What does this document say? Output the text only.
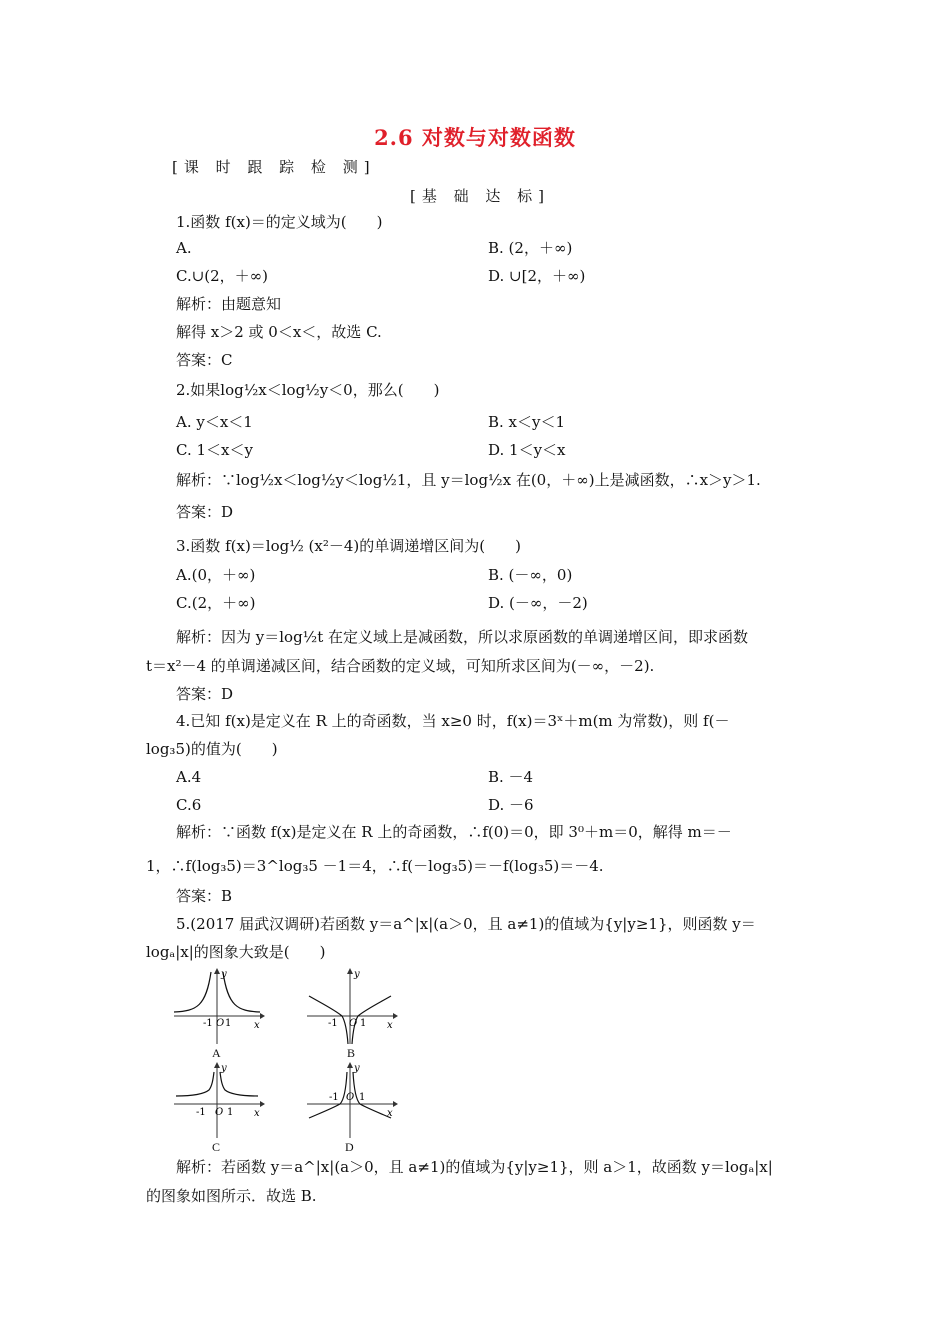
2.6 对数与对数函数
[课 时 跟 踪 检 测]
[基 础 达 标]
1.函数 f(x)＝的定义域为(　　)
A.	B. (2，＋∞)
C.∪(2，＋∞)	D. ∪[2，＋∞)
解析：由题意知
解得 x＞2 或 0＜x＜，故选 C.
答案：C
2.如果log½x＜log½y＜0，那么(　　)
A. y＜x＜1	B. x＜y＜1
C. 1＜x＜y	D. 1＜y＜x
解析：∵log½x＜log½y＜log½1，且 y＝log½x 在(0，＋∞)上是减函数，∴x＞y＞1.
答案：D
3.函数 f(x)＝log½ (x²－4)的单调递增区间为(　　)
A.(0，＋∞)	B. (－∞，0)
C.(2，＋∞)	D. (－∞，－2)
解析：因为 y＝log½t 在定义域上是减函数，所以求原函数的单调递增区间，即求函数
t＝x²－4 的单调递减区间，结合函数的定义域，可知所求区间为(－∞，－2).
答案：D
4.已知 f(x)是定义在 R 上的奇函数，当 x≥0 时，f(x)＝3ˣ＋m(m 为常数)，则 f(－
log₃5)的值为(　　)
A.4	B. －4
C.6	D. －6
解析：∵函数 f(x)是定义在 R 上的奇函数，∴f(0)＝0，即 3⁰＋m＝0，解得 m＝－
1，∴f(log₃5)＝3^log₃5 －1＝4，∴f(－log₃5)＝－f(log₃5)＝－4.
答案：B
5.(2017 届武汉调研)若函数 y＝a^|x|(a＞0，且 a≠1)的值域为{y|y≥1}，则函数 y＝
logₐ|x|的图象大致是(　　)
y
x
-1 O 1
A
y
x
-1 O 1
B
y
x
-1 O 1
C
y
x
-1 O 1
D
解析：若函数 y＝a^|x|(a＞0，且 a≠1)的值域为{y|y≥1}，则 a＞1，故函数 y＝logₐ|x|
的图象如图所示．故选 B.
